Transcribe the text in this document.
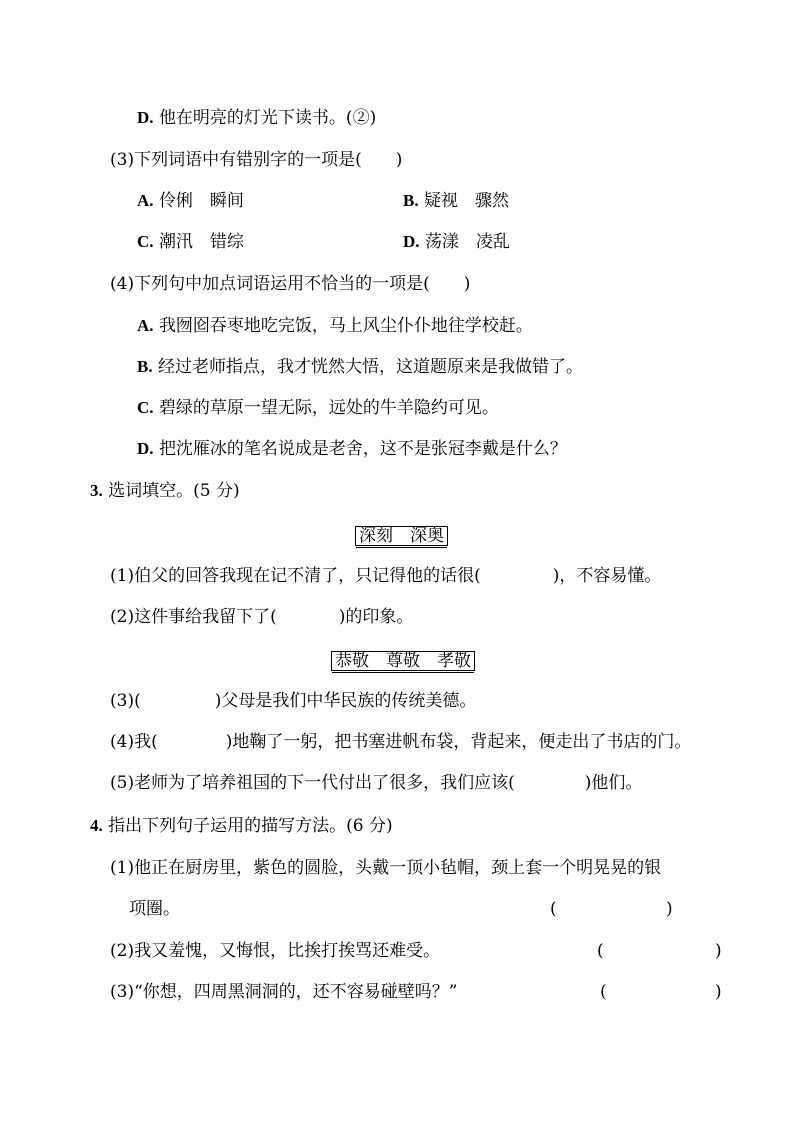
D. 他在明亮的灯光下读书。(②)
(3)下列词语中有错别字的一项是(　　)
A. 伶俐　瞬间	B. 疑视　骤然
C. 潮汛　错综	D. 荡漾　凌乱
(4)下列句中加点词语运用不恰当的一项是(　　)
A. 我囫囵吞枣地吃完饭，马上风尘仆仆地往学校赶。
B. 经过老师指点，我才恍然大悟，这道题原来是我做错了。
C. 碧绿的草原一望无际，远处的牛羊隐约可见。
D. 把沈雁冰的笔名说成是老舍，这不是张冠李戴是什么？
3. 选词填空。(5 分)
深刻　深奥
(1)伯父的回答我现在记不清了，只记得他的话很(	)，不容易懂。
(2)这件事给我留下了(	)的印象。
恭敬　尊敬　孝敬
(3)(	)父母是我们中华民族的传统美德。
(4)我(	)地鞠了一躬，把书塞进帆布袋，背起来，便走出了书店的门。
(5)老师为了培养祖国的下一代付出了很多，我们应该(	)他们。
4. 指出下列句子运用的描写方法。(6 分)
(1)他正在厨房里，紫色的圆脸，头戴一顶小毡帽，颈上套一个明晃晃的银
项圈。	(	)
(2)我又羞愧，又悔恨，比挨打挨骂还难受。	(	)
(3)“你想，四周黑洞洞的，还不容易碰壁吗？”	(	)
